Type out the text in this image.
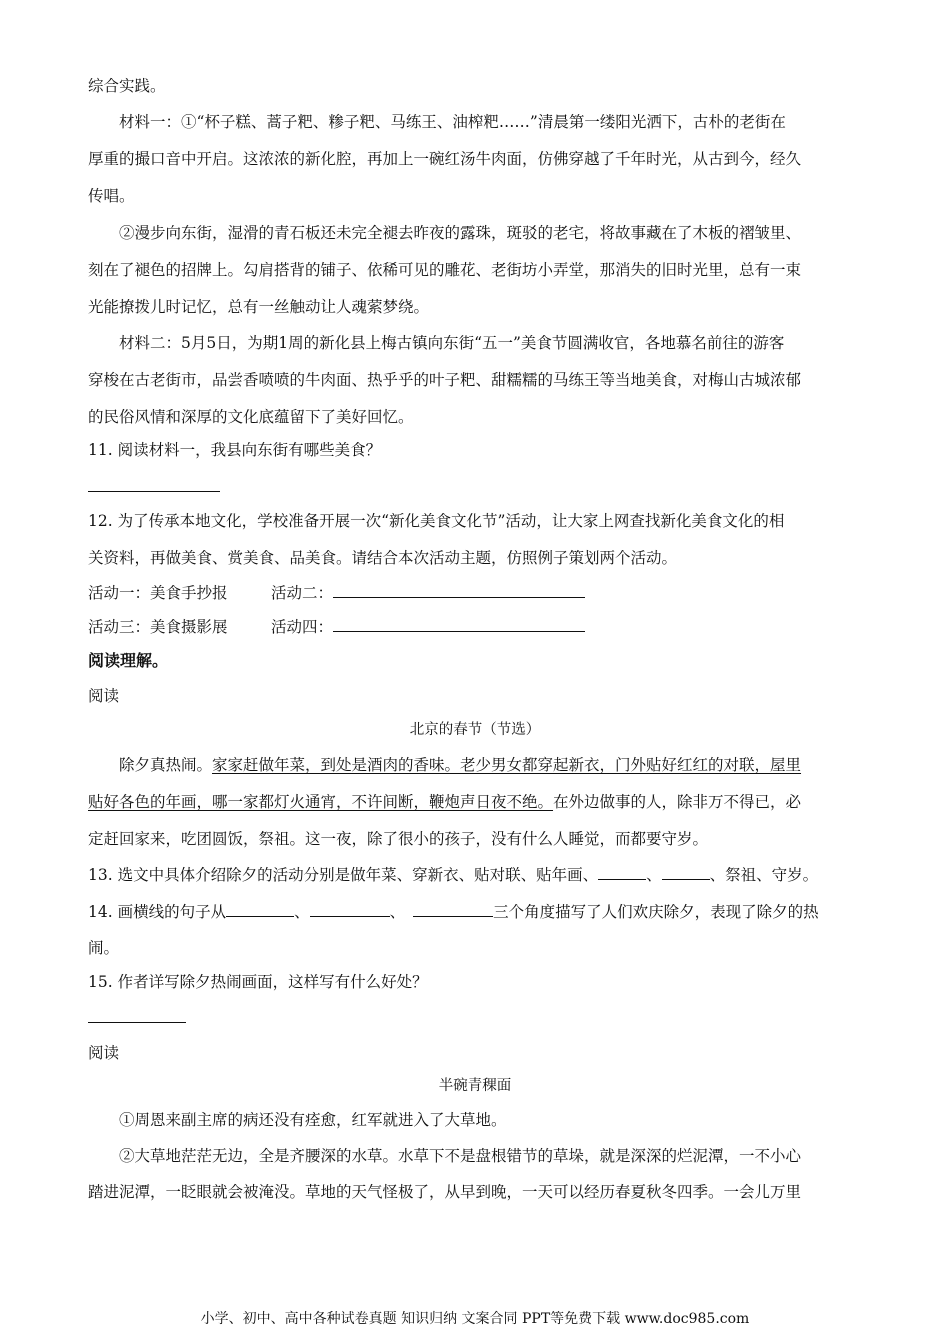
综合实践。
材料一：①“杯子糕、蒿子粑、糁子粑、马练王、油榨粑……”清晨第一缕阳光洒下，古朴的老街在
厚重的撮口音中开启。这浓浓的新化腔，再加上一碗红汤牛肉面，仿佛穿越了千年时光，从古到今，经久
传唱。
②漫步向东街，湿滑的青石板还未完全褪去昨夜的露珠，斑驳的老宅，将故事藏在了木板的褶皱里、
刻在了褪色的招牌上。勾肩搭背的铺子、依稀可见的雕花、老街坊小弄堂，那消失的旧时光里，总有一束
光能撩拨儿时记忆，总有一丝触动让人魂萦梦绕。
材料二：5月5日，为期1周的新化县上梅古镇向东街“五一”美食节圆满收官，各地慕名前往的游客
穿梭在古老街市，品尝香喷喷的牛肉面、热乎乎的叶子粑、甜糯糯的马练王等当地美食，对梅山古城浓郁
的民俗风情和深厚的文化底蕴留下了美好回忆。
11. 阅读材料一，我县向东街有哪些美食？
12. 为了传承本地文化，学校准备开展一次“新化美食文化节”活动，让大家上网查找新化美食文化的相
关资料，再做美食、赏美食、品美食。请结合本次活动主题，仿照例子策划两个活动。
活动一：美食手抄报	活动二：
活动三：美食摄影展	活动四：
阅读理解。
阅读
北京的春节（节选）
除夕真热闹。家家赶做年菜，到处是酒肉的香味。老少男女都穿起新衣，门外贴好红红的对联，屋里
贴好各色的年画，哪一家都灯火通宵，不许间断，鞭炮声日夜不绝。在外边做事的人，除非万不得已，必
定赶回家来，吃团圆饭，祭祖。这一夜，除了很小的孩子，没有什么人睡觉，而都要守岁。
13. 选文中具体介绍除夕的活动分别是做年菜、穿新衣、贴对联、贴年画、	、	、祭祖、守岁。
14. 画横线的句子从	、	、	三个角度描写了人们欢庆除夕，表现了除夕的热
闹。
15. 作者详写除夕热闹画面，这样写有什么好处？
阅读
半碗青稞面
①周恩来副主席的病还没有痊愈，红军就进入了大草地。
②大草地茫茫无边，全是齐腰深的水草。水草下不是盘根错节的草垛，就是深深的烂泥潭，一不小心
踏进泥潭，一眨眼就会被淹没。草地的天气怪极了，从早到晚，一天可以经历春夏秋冬四季。一会儿万里
小学、初中、高中各种试卷真题 知识归纳 文案合同 PPT等免费下载 www.doc985.com
